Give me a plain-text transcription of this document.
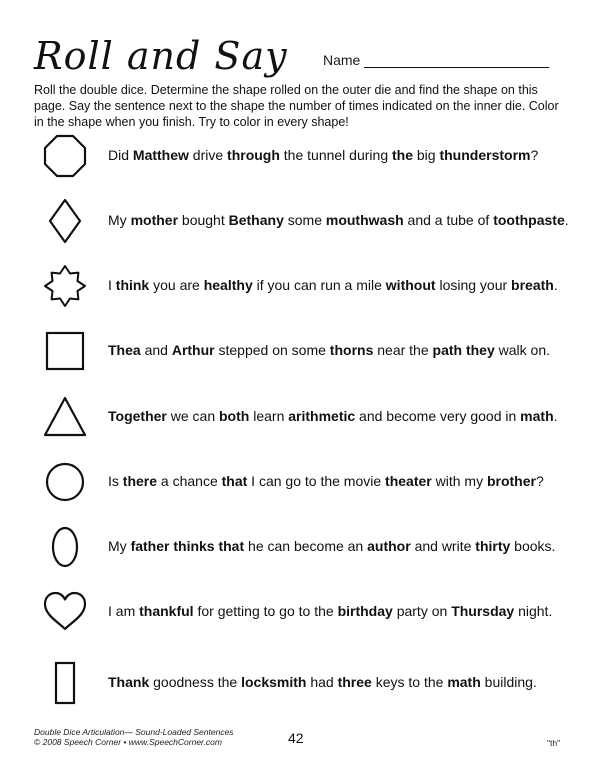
Roll and Say	Name
Roll the double dice. Determine the shape rolled on the outer die and find the shape on this page. Say the sentence next to the shape the number of times indicated on the inner die. Color in the shape when you finish. Try to color in every shape!
Did Matthew drive through the tunnel during the big thunderstorm?
My mother bought Bethany some mouthwash and a tube of toothpaste.
I think you are healthy if you can run a mile without losing your breath.
Thea and Arthur stepped on some thorns near the path they walk on.
Together we can both learn arithmetic and become very good in math.
Is there a chance that I can go to the movie theater with my brother?
My father thinks that he can become an author and write thirty books.
I am thankful for getting to go to the birthday party on Thursday night.
Thank goodness the locksmith had three keys to the math building.
Double Dice Articulation— Sound-Loaded Sentences
© 2008 Speech Corner • www.SpeechCorner.com	42	"th"
